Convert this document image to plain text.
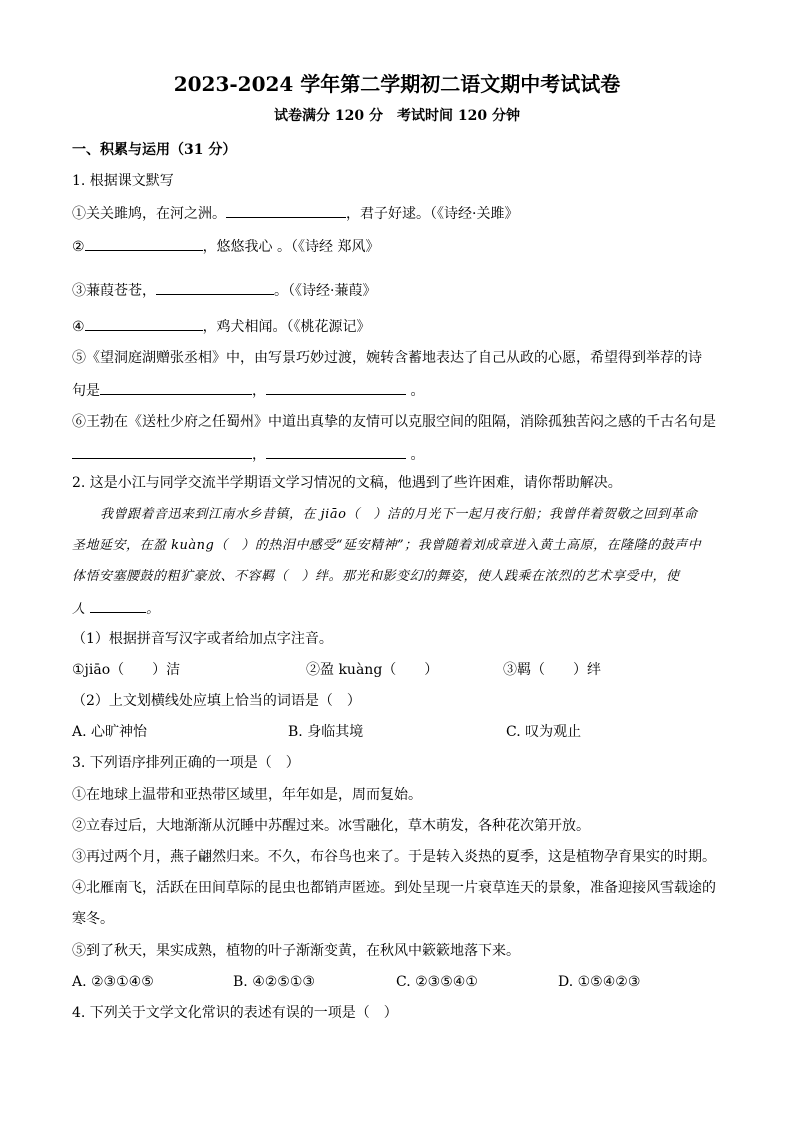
2023-2024 学年第二学期初二语文期中考试试卷
试卷满分 120 分　考试时间 120 分钟
一、积累与运用（31 分）
1. 根据课文默写
①关关雎鸠，在河之洲。	，君子好逑。（《诗经·关雎》
②	，悠悠我心 。（《诗经 郑风》
③蒹葭苍苍，	。（《诗经·蒹葭》
④	，鸡犬相闻。（《桃花源记》
⑤《望洞庭湖赠张丞相》中，由写景巧妙过渡，婉转含蓄地表达了自己从政的心愿，希望得到举荐的诗
句是	，	。
⑥王勃在《送杜少府之任蜀州》中道出真挚的友情可以克服空间的阻隔，消除孤独苦闷之感的千古名句是
，	。
2. 这是小江与同学交流半学期语文学习情况的文稿，他遇到了些许困难，请你帮助解决。
我曾跟着音迅来到江南水乡昔镇，在 jiāo（　）洁的月光下一起月夜行船；我曾伴着贺敬之回到革命
圣地延安，在盈 kuàng（　）的热泪中感受“延安精神”；我曾随着刘成章进入黄土高原，在隆隆的鼓声中
体悟安塞腰鼓的粗犷豪放、不容羁（　）绊。那光和影变幻的舞姿，使人践乘在浓烈的艺术享受中，使
人	。
（1）根据拼音写汉字或者给加点字注音。
①jiāo（　　）洁	②盈 kuàng（　　）	③羁（　　）绊
（2）上文划横线处应填上恰当的词语是（　）
A. 心旷神怡	B. 身临其境	C. 叹为观止
3. 下列语序排列正确的一项是（　）
①在地球上温带和亚热带区域里，年年如是，周而复始。
②立春过后，大地渐渐从沉睡中苏醒过来。冰雪融化，草木萌发，各种花次第开放。
③再过两个月，燕子翩然归来。不久，布谷鸟也来了。于是转入炎热的夏季，这是植物孕育果实的时期。
④北雁南飞，活跃在田间草际的昆虫也都销声匿迹。到处呈现一片衰草连天的景象，准备迎接风雪载途的
寒冬。
⑤到了秋天，果实成熟，植物的叶子渐渐变黄，在秋风中簌簌地落下来。
A. ②③①④⑤	B. ④②⑤①③	C. ②③⑤④①	D. ①⑤④②③
4. 下列关于文学文化常识的表述有误的一项是（　）
